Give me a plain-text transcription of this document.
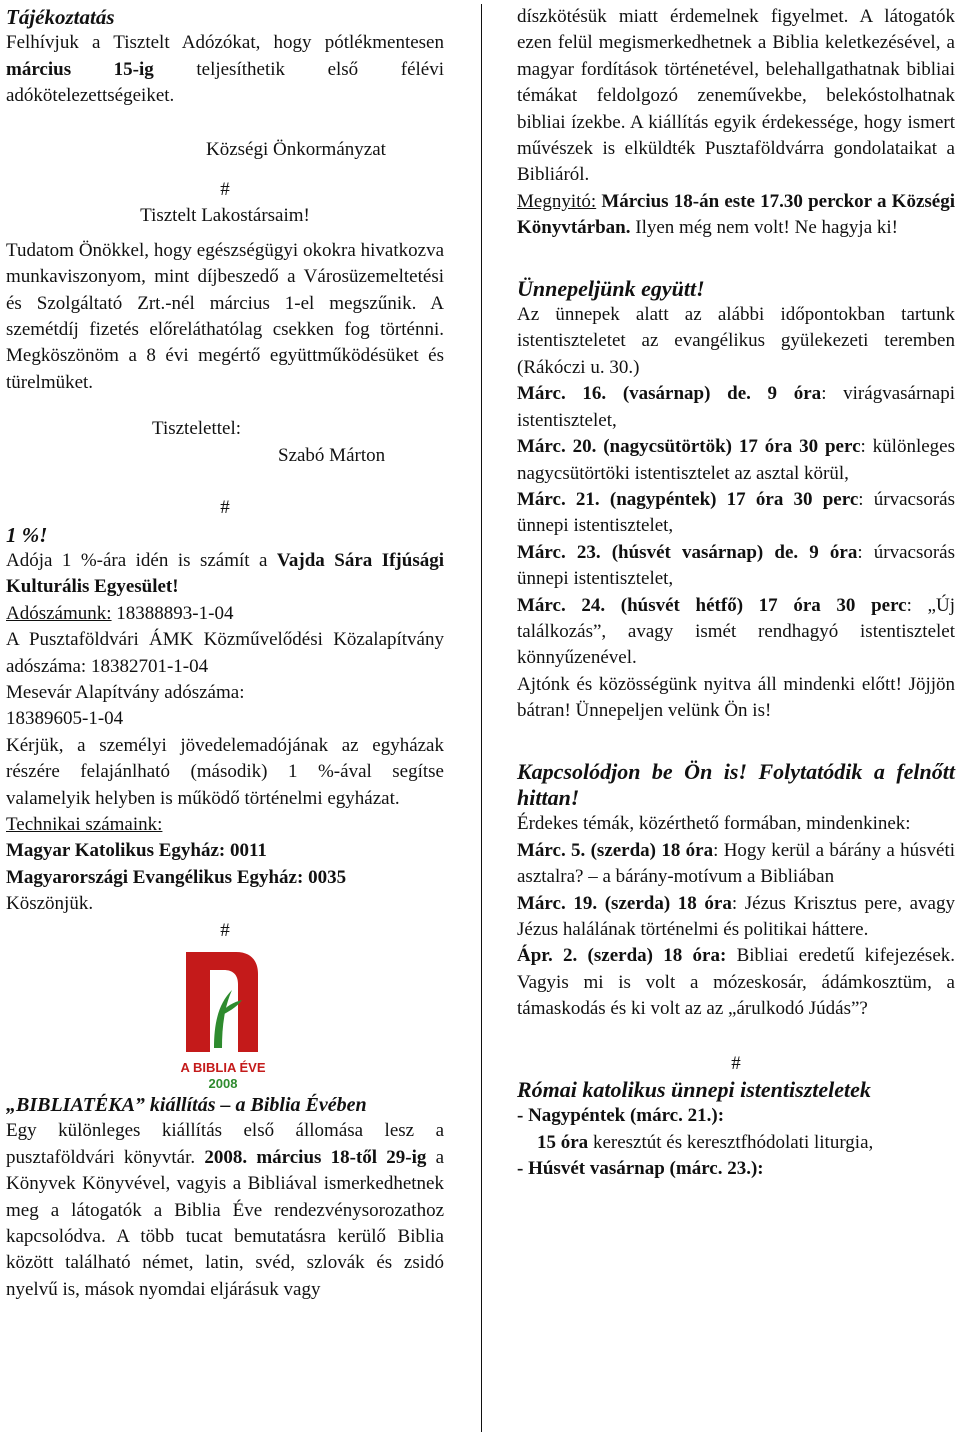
Tájékoztatás

Felhívjuk a Tisztelt Adózókat, hogy pótlékmentesen március 15-ig teljesíthetik első félévi adókötelezettségeiket.

Községi Önkormányzat

#

Tisztelt Lakostársaim!

Tudatom Önökkel, hogy egészségügyi okokra hivatkozva munkaviszonyom, mint díjbeszedő a Városüzemeltetési és Szolgáltató Zrt.-nél március 1-el megszűnik. A szemétdíj fizetés előreláthatólag csekken fog történni. Megköszönöm a 8 évi megértő együttműködésüket és türelmüket.

Tisztelettel:

Szabó Márton

#

1 %!

Adója 1 %-ára idén is számít a Vajda Sára Ifjúsági Kulturális Egyesület!

Adószámunk: 18388893-1-04

A Pusztaföldvári ÁMK Közművelődési Közalapítvány adószáma: 18382701-1-04

Mesevár Alapítvány adószáma:

18389605-1-04

Kérjük, a személyi jövedelemadójának az egyházak részére felajánlható (második) 1 %-ával segítse valamelyik helyben is működő történelmi egyházat.

Technikai számaink:

Magyar Katolikus Egyház: 0011

Magyarországi Evangélikus Egyház: 0035

Köszönjük.

#

A BIBLIA ÉVE
2008

„BIBLIATÉKA” kiállítás – a Biblia Évében

Egy különleges kiállítás első állomása lesz a pusztaföldvári könyvtár. 2008. március 18-től 29-ig a Könyvek Könyvével, vagyis a Bibliával ismerkedhetnek meg a látogatók a Biblia Éve rendezvénysorozathoz kapcsolódva. A több tucat bemutatásra kerülő Biblia között található német, latin, svéd, szlovák és zsidó nyelvű is, mások nyomdai eljárásuk vagy

díszkötésük miatt érdemelnek figyelmet. A látogatók ezen felül megismerkedhetnek a Biblia keletkezésével, a magyar fordítások történetével, belehallgathatnak bibliai témákat feldolgozó zeneművekbe, belekóstolhatnak bibliai ízekbe. A kiállítás egyik érdekessége, hogy ismert művészek is elküldték Pusztaföldvárra gondolataikat a Bibliáról.

Megnyitó: Március 18-án este 17.30 perckor a Községi Könyvtárban. Ilyen még nem volt! Ne hagyja ki!

Ünnepeljünk együtt!

Az ünnepek alatt az alábbi időpontokban tartunk istentiszteletet az evangélikus gyülekezeti teremben (Rákóczi u. 30.)

Márc. 16. (vasárnap) de. 9 óra: virágvasárnapi istentisztelet,

Márc. 20. (nagycsütörtök) 17 óra 30 perc: különleges nagycsütörtöki istentisztelet az asztal körül,

Márc. 21. (nagypéntek) 17 óra 30 perc: úrvacsorás ünnepi istentisztelet,

Márc. 23. (húsvét vasárnap) de. 9 óra: úrvacsorás ünnepi istentisztelet,

Márc. 24. (húsvét hétfő) 17 óra 30 perc: „Új találkozás”, avagy ismét rendhagyó istentisztelet könnyűzenével.

Ajtónk és közösségünk nyitva áll mindenki előtt! Jöjjön bátran! Ünnepeljen velünk Ön is!

Kapcsolódjon be Ön is! Folytatódik a felnőtt hittan!

Érdekes témák, közérthető formában, mindenkinek:

Márc. 5. (szerda) 18 óra: Hogy kerül a bárány a húsvéti asztalra? – a bárány-motívum a Bibliában

Márc. 19. (szerda) 18 óra: Jézus Krisztus pere, avagy Jézus halálának történelmi és politikai háttere.

Ápr. 2. (szerda) 18 óra: Bibliai eredetű kifejezések. Vagyis mi is volt a mózeskosár, ádámkosztüm, a támaskodás és ki volt az az „árulkodó Júdás”?

#

Római katolikus ünnepi istentiszteletek

- Nagypéntek (márc. 21.):

15 óra keresztút és keresztfhódolati liturgia,

- Húsvét vasárnap (márc. 23.):
